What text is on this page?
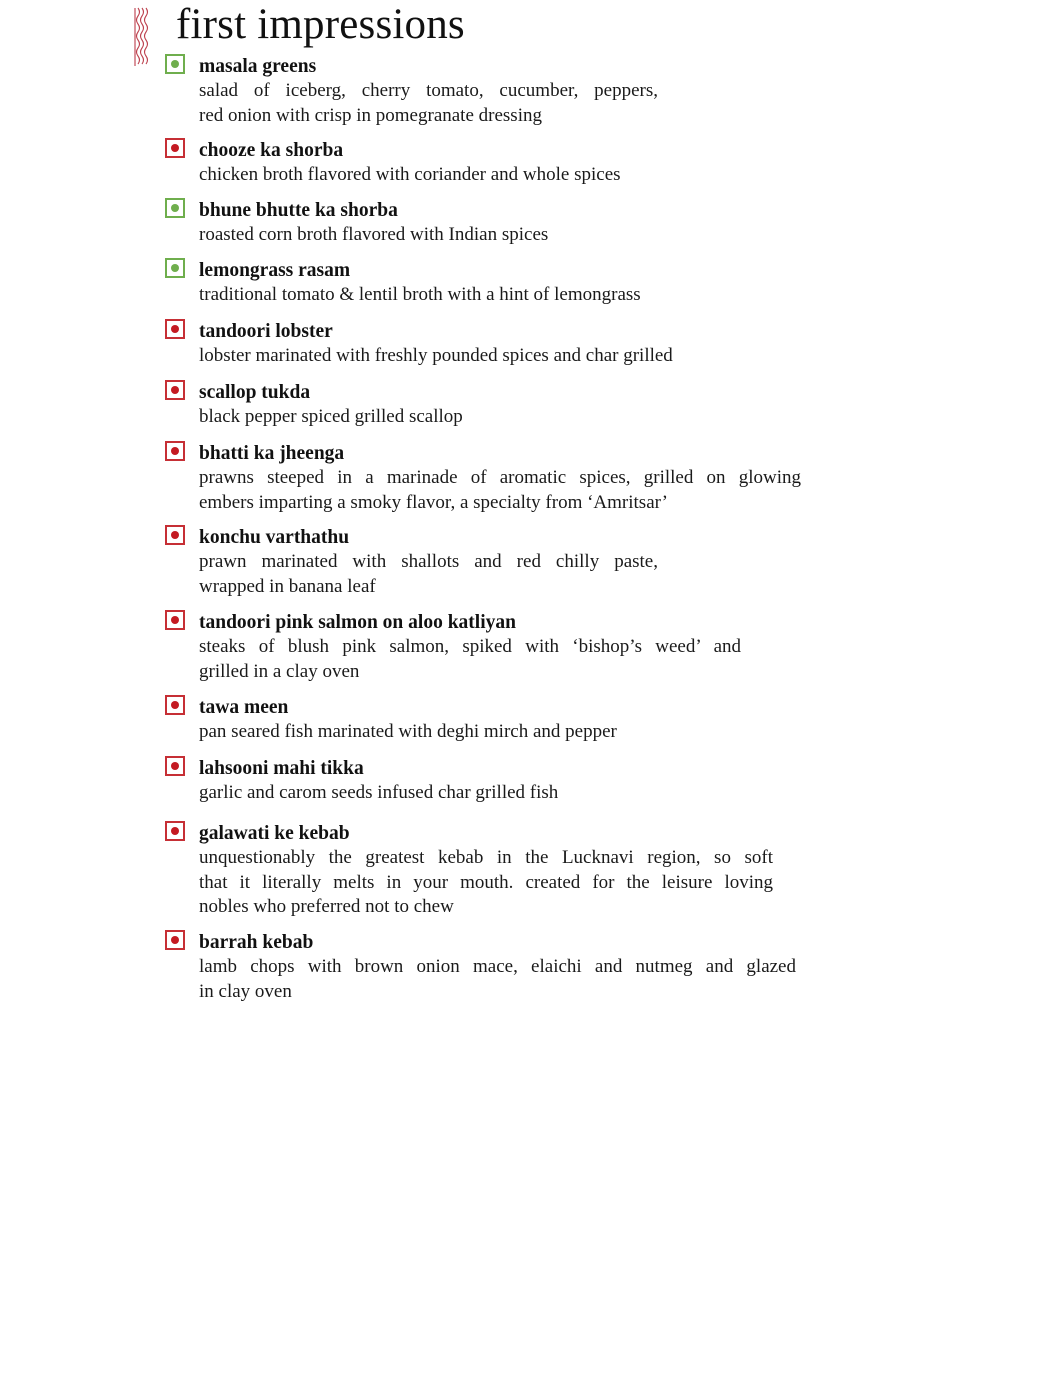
first impressions
masala greens
salad of iceberg, cherry tomato, cucumber, peppers,
red onion with crisp in pomegranate dressing
chooze ka shorba
chicken broth flavored with coriander and whole spices
bhune bhutte ka shorba
roasted corn broth flavored with Indian spices
lemongrass rasam
traditional tomato & lentil broth with a hint of lemongrass
tandoori lobster
lobster marinated with freshly pounded spices and char grilled
scallop tukda
black pepper spiced grilled scallop
bhatti ka jheenga
prawns steeped in a marinade of aromatic spices, grilled on glowing
embers imparting a smoky flavor, a specialty from ‘Amritsar’
konchu varthathu
prawn marinated with shallots and red chilly paste,
wrapped in banana leaf
tandoori pink salmon on aloo katliyan
steaks of blush pink salmon, spiked with ‘bishop’s weed’ and
grilled in a clay oven
tawa meen
pan seared fish marinated with deghi mirch and pepper
lahsooni mahi tikka
garlic and carom seeds infused char grilled fish
galawati ke kebab
unquestionably the greatest kebab in the Lucknavi region, so soft
that it literally melts in your mouth. created for the leisure loving
nobles who preferred not to chew
barrah kebab
lamb chops with brown onion mace, elaichi and nutmeg and glazed
in clay oven
